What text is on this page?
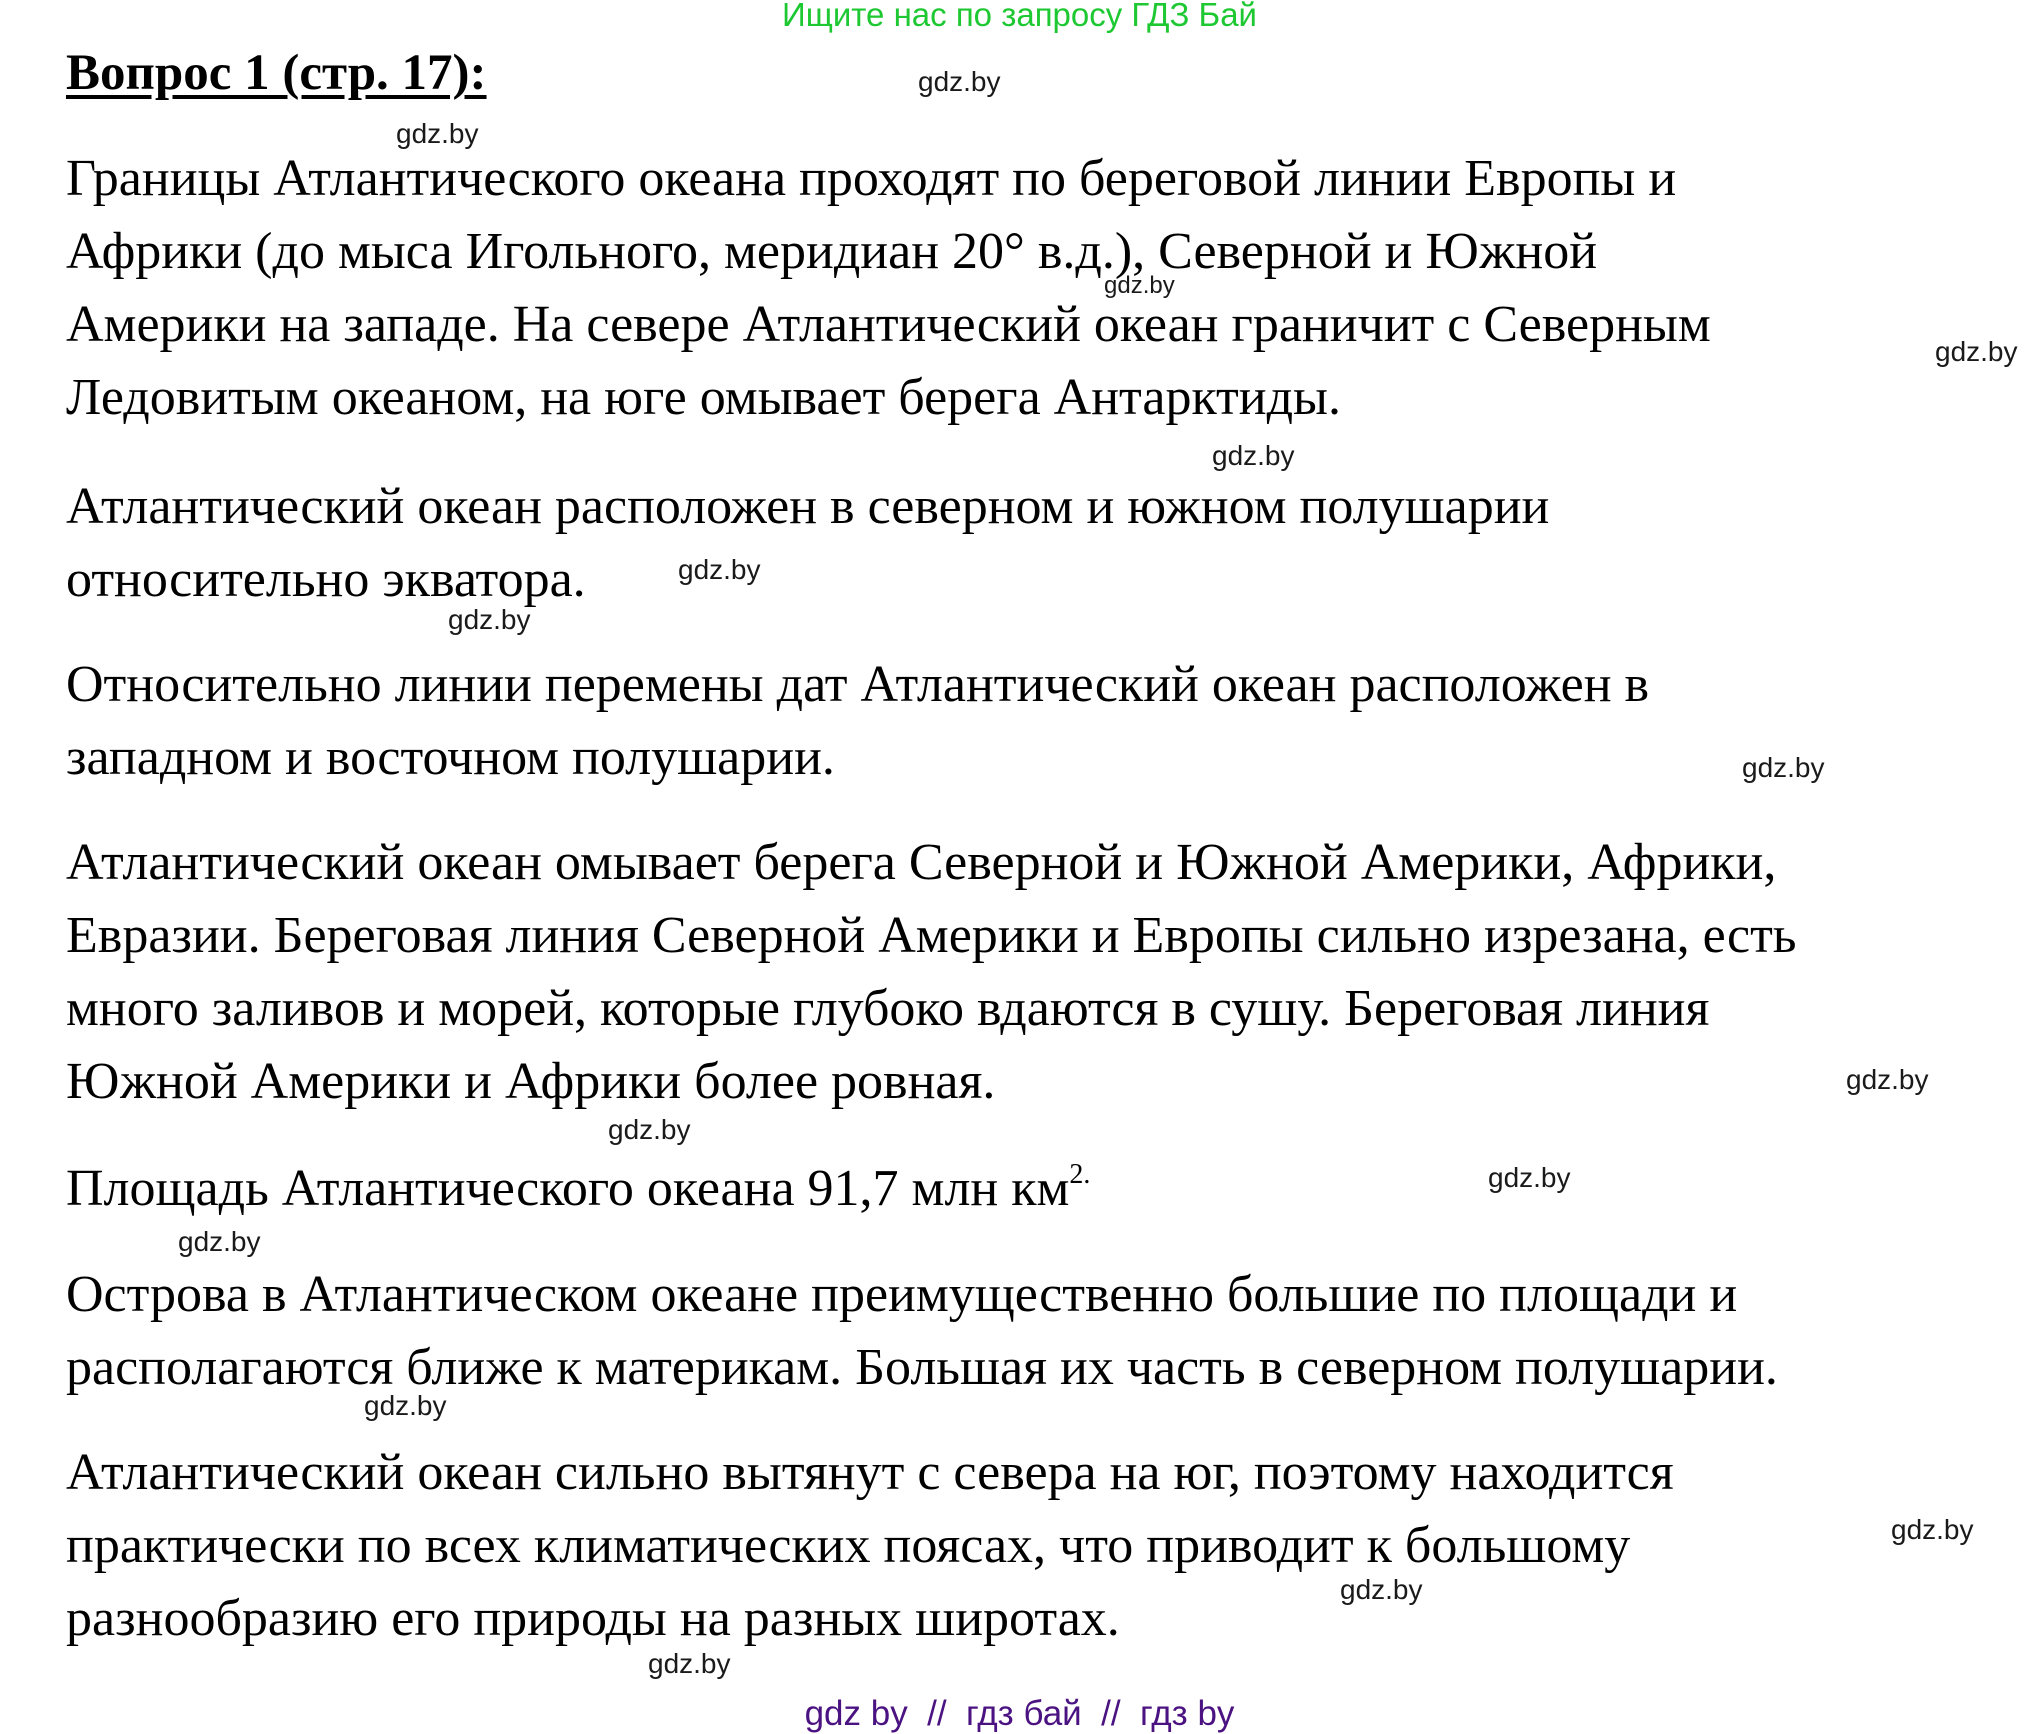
Ищите нас по запросу ГДЗ Бай
Вопрос 1 (стр. 17):
Границы Атлантического океана проходят по береговой линии Европы и
Африки (до мыса Игольного, меридиан 20° в.д.), Северной и Южной
Америки на западе. На севере Атлантический океан граничит с Северным
Ледовитым океаном, на юге омывает берега Антарктиды.
Атлантический океан расположен в северном и южном полушарии
относительно экватора.
Относительно линии перемены дат Атлантический океан расположен в
западном и восточном полушарии.
Атлантический океан омывает берега Северной и Южной Америки, Африки,
Евразии. Береговая линия Северной Америки и Европы сильно изрезана, есть
много заливов и морей, которые глубоко вдаются в сушу. Береговая линия
Южной Америки и Африки более ровная.
Площадь Атлантического океана 91,7 млн $км^{2.}$
Острова в Атлантическом океане преимущественно большие по площади и
располагаются ближе к материкам. Большая их часть в северном полушарии.
Атлантический океан сильно вытянут с севера на юг, поэтому находится
практически по всех климатических поясах, что приводит к большому
разнообразию его природы на разных широтах.
gdz.by
gdz.by
gdz.by
gdz.by
gdz.by
gdz.by
gdz.by
gdz.by
gdz.by
gdz.by
gdz.by
gdz.by
gdz.by
gdz.by
gdz.by
gdz.by
gdz by  //  гдз бай  //  гдз by
